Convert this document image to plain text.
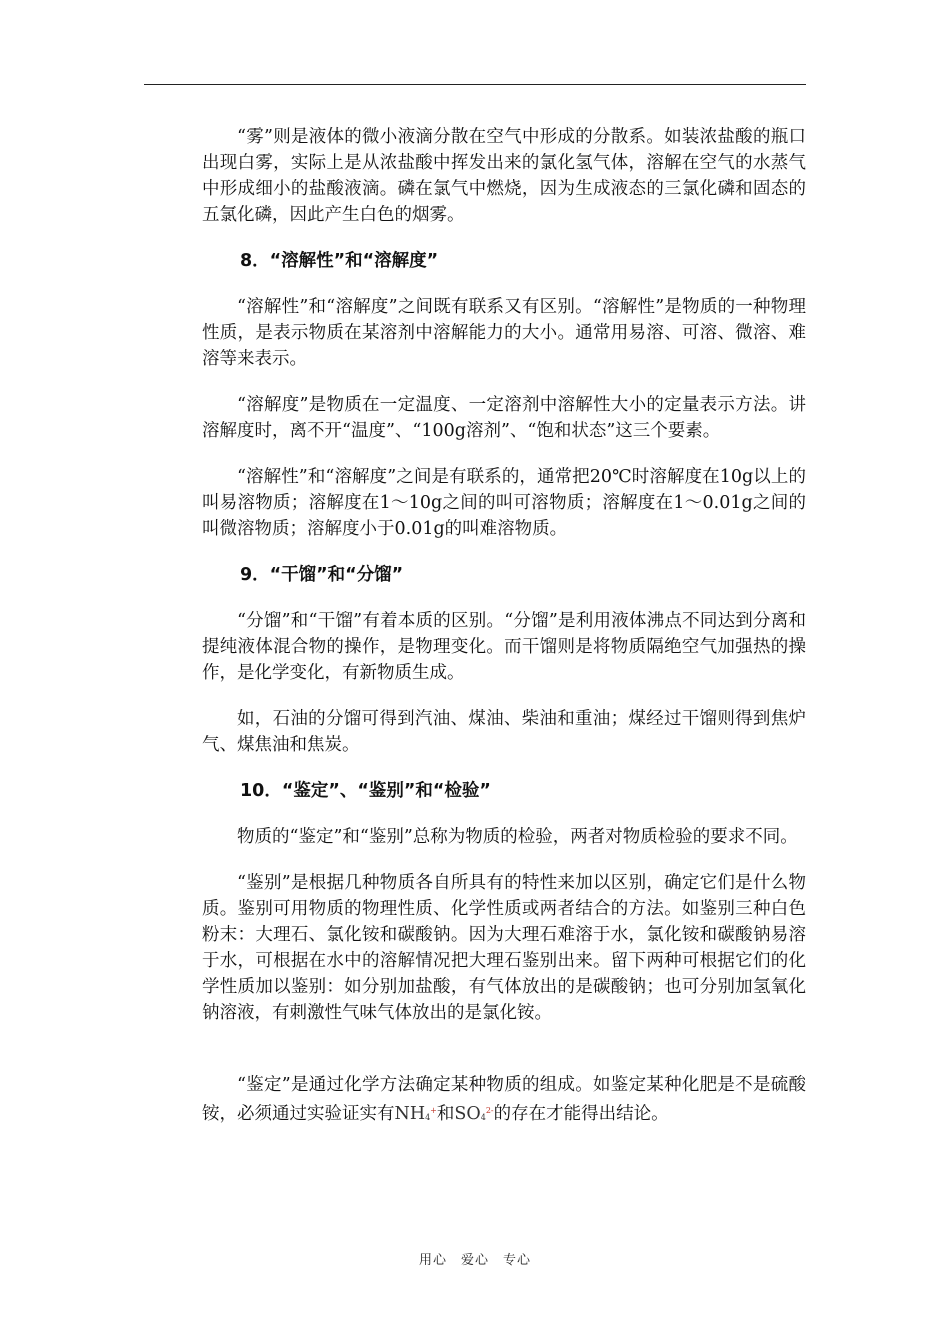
“雾”则是液体的微小液滴分散在空气中形成的分散系。如装浓盐酸的瓶口出现白雾，实际上是从浓盐酸中挥发出来的氯化氢气体，溶解在空气的水蒸气中形成细小的盐酸液滴。磷在氯气中燃烧，因为生成液态的三氯化磷和固态的五氯化磷，因此产生白色的烟雾。

8．“溶解性”和“溶解度”

“溶解性”和“溶解度”之间既有联系又有区别。“溶解性”是物质的一种物理性质，是表示物质在某溶剂中溶解能力的大小。通常用易溶、可溶、微溶、难溶等来表示。

“溶解度”是物质在一定温度、一定溶剂中溶解性大小的定量表示方法。讲溶解度时，离不开“温度”、“100g溶剂”、“饱和状态”这三个要素。

“溶解性”和“溶解度”之间是有联系的，通常把20℃时溶解度在10g以上的叫易溶物质；溶解度在1～10g之间的叫可溶物质；溶解度在1～0.01g之间的叫微溶物质；溶解度小于0.01g的叫难溶物质。

9．“干馏”和“分馏”

“分馏”和“干馏”有着本质的区别。“分馏”是利用液体沸点不同达到分离和提纯液体混合物的操作，是物理变化。而干馏则是将物质隔绝空气加强热的操作，是化学变化，有新物质生成。

如，石油的分馏可得到汽油、煤油、柴油和重油；煤经过干馏则得到焦炉气、煤焦油和焦炭。

10．“鉴定”、“鉴别”和“检验”

物质的“鉴定”和“鉴别”总称为物质的检验，两者对物质检验的要求不同。

“鉴别”是根据几种物质各自所具有的特性来加以区别，确定它们是什么物质。鉴别可用物质的物理性质、化学性质或两者结合的方法。如鉴别三种白色粉末：大理石、氯化铵和碳酸钠。因为大理石难溶于水，氯化铵和碳酸钠易溶于水，可根据在水中的溶解情况把大理石鉴别出来。留下两种可根据它们的化学性质加以鉴别：如分别加盐酸，有气体放出的是碳酸钠；也可分别加氢氧化钠溶液，有刺激性气味气体放出的是氯化铵。

“鉴定”是通过化学方法确定某种物质的组成。如鉴定某种化肥是不是硫酸铵，必须通过实验证实有NH4+和$SO4^{2-}$的存在才能得出结论。

用心 爱心 专心
